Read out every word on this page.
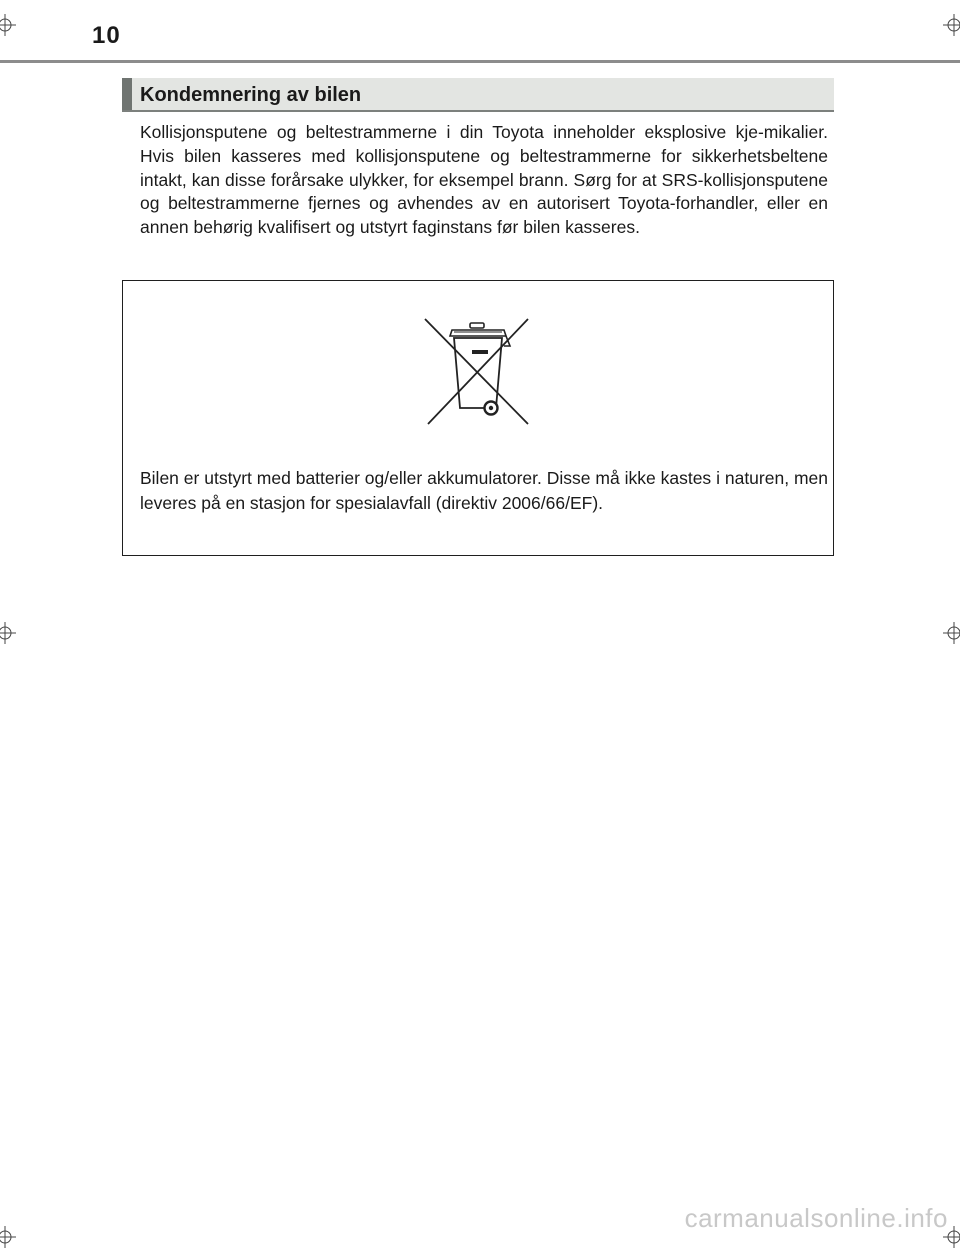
10
Kondemnering av bilen

Kollisjonsputene og beltestrammerne i din Toyota inneholder eksplosive kje-mikalier. Hvis bilen kasseres med kollisjonsputene og beltestrammerne for sikkerhetsbeltene intakt, kan disse forårsake ulykker, for eksempel brann. Sørg for at SRS-kollisjonsputene og beltestrammerne fjernes og avhendes av en autorisert Toyota-forhandler, eller en annen behørig kvalifisert og utstyrt faginstans før bilen kasseres.

Bilen er utstyrt med batterier og/eller akkumulatorer. Disse må ikke kastes i naturen, men leveres på en stasjon for spesialavfall (direktiv 2006/66/EF).

carmanualsonline.info
